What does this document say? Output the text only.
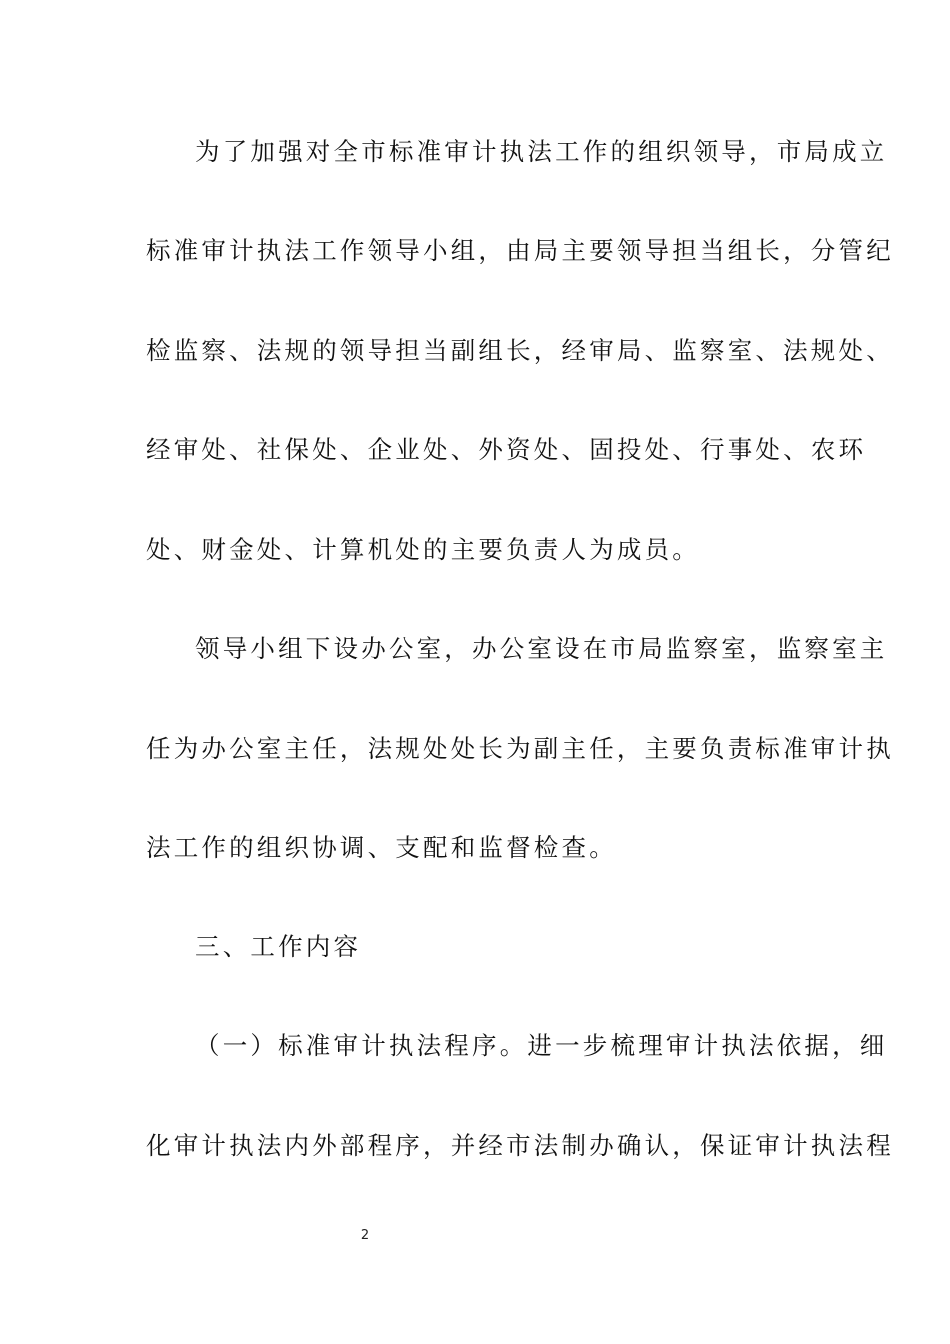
为了加强对全市标准审计执法工作的组织领导，市局成立
标准审计执法工作领导小组，由局主要领导担当组长，分管纪
检监察、法规的领导担当副组长，经审局、监察室、法规处、
经审处、社保处、企业处、外资处、固投处、行事处、农环
处、财金处、计算机处的主要负责人为成员。
领导小组下设办公室，办公室设在市局监察室，监察室主
任为办公室主任，法规处处长为副主任，主要负责标准审计执
法工作的组织协调、支配和监督检查。
三、工作内容
（一）标准审计执法程序。进一步梳理审计执法依据，细
化审计执法内外部程序，并经市法制办确认，保证审计执法程
2
